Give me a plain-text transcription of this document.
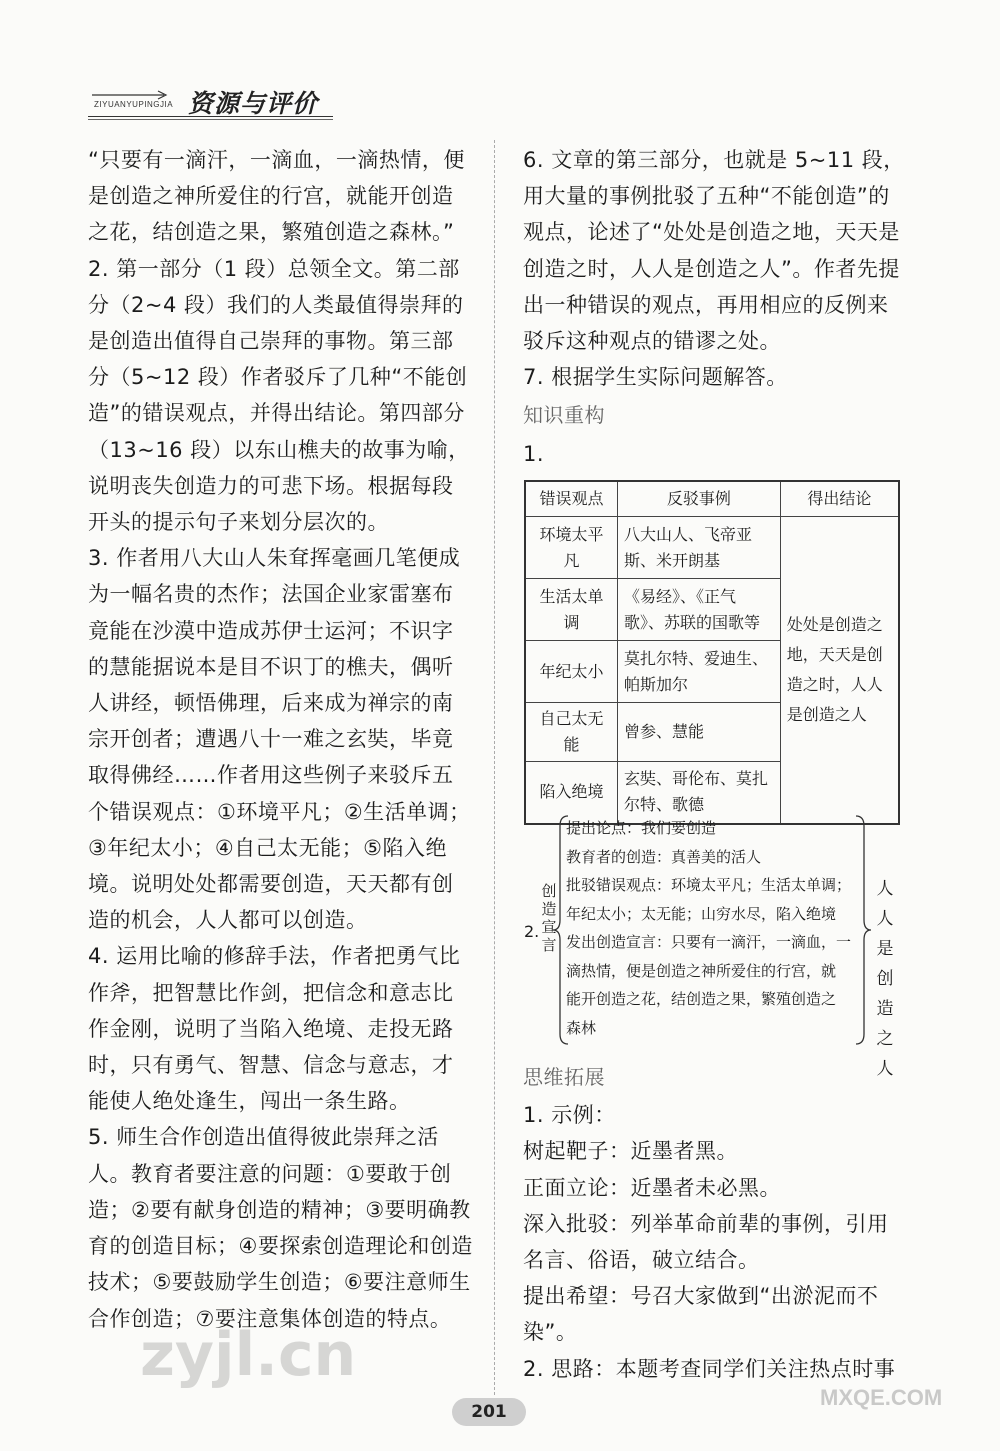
ZIYUANYUPINGJIA 资源与评价

“只要有一滴汗，一滴血，一滴热情，便是创造之神所爱住的行宫，就能开创造之花，结创造之果，繁殖创造之森林。”

2. 第一部分（1 段）总领全文。第二部分（2~4 段）我们的人类最值得崇拜的是创造出值得自己崇拜的事物。第三部分（5~12 段）作者驳斥了几种“不能创造”的错误观点，并得出结论。第四部分（13~16 段）以东山樵夫的故事为喻，说明丧失创造力的可悲下场。根据每段开头的提示句子来划分层次的。

3. 作者用八大山人朱耷挥毫画几笔便成为一幅名贵的杰作；法国企业家雷塞布竟能在沙漠中造成苏伊士运河；不识字的慧能据说本是目不识丁的樵夫，偶听人讲经，顿悟佛理，后来成为禅宗的南宗开创者；遭遇八十一难之玄奘，毕竟取得佛经……作者用这些例子来驳斥五个错误观点：①环境平凡；②生活单调；③年纪太小；④自己太无能；⑤陷入绝境。说明处处都需要创造，天天都有创造的机会，人人都可以创造。

4. 运用比喻的修辞手法，作者把勇气比作斧，把智慧比作剑，把信念和意志比作金刚，说明了当陷入绝境、走投无路时，只有勇气、智慧、信念与意志，才能使人绝处逢生，闯出一条生路。

5. 师生合作创造出值得彼此崇拜之活人。教育者要注意的问题：①要敢于创造；②要有献身创造的精神；③要明确教育的创造目标；④要探索创造理论和创造技术；⑤要鼓励学生创造；⑥要注意师生合作创造；⑦要注意集体创造的特点。

6. 文章的第三部分，也就是 5~11 段，用大量的事例批驳了五种“不能创造”的观点，论述了“处处是创造之地，天天是创造之时，人人是创造之人”。作者先提出一种错误的观点，再用相应的反例来驳斥这种观点的错谬之处。

7. 根据学生实际问题解答。

知识重构

1.

错误观点	反驳事例	得出结论
环境太平凡	八大山人、飞帝亚斯、米开朗基	处处是创造之地，天天是创造之时，人人是创造之人
生活太单调	《易经》、《正气歌》、苏联的国歌等	
年纪太小	莫扎尔特、爱迪生、帕斯加尔	
自己太无能	曾参、慧能	
陷入绝境	玄奘、哥伦布、莫扎尔特、歌德	
2.
创造宣言
提出论点：我们要创造
教育者的创造：真善美的活人
批驳错误观点：环境太平凡；生活太单调；
年纪太小；太无能；山穷水尽，陷入绝境
发出创造宣言：只要有一滴汗，一滴血，一
滴热情，便是创造之神所爱住的行宫，就
能开创造之花，结创造之果，繁殖创造之
森林
人人是创造之人

思维拓展

1. 示例：

树起靶子：近墨者黑。

正面立论：近墨者未必黑。

深入批驳：列举革命前辈的事例，引用名言、俗语，破立结合。

提出希望：号召大家做到“出淤泥而不染”。

2. 思路：本题考查同学们关注热点时事

201
zyjl.cn
MXQE.COM
